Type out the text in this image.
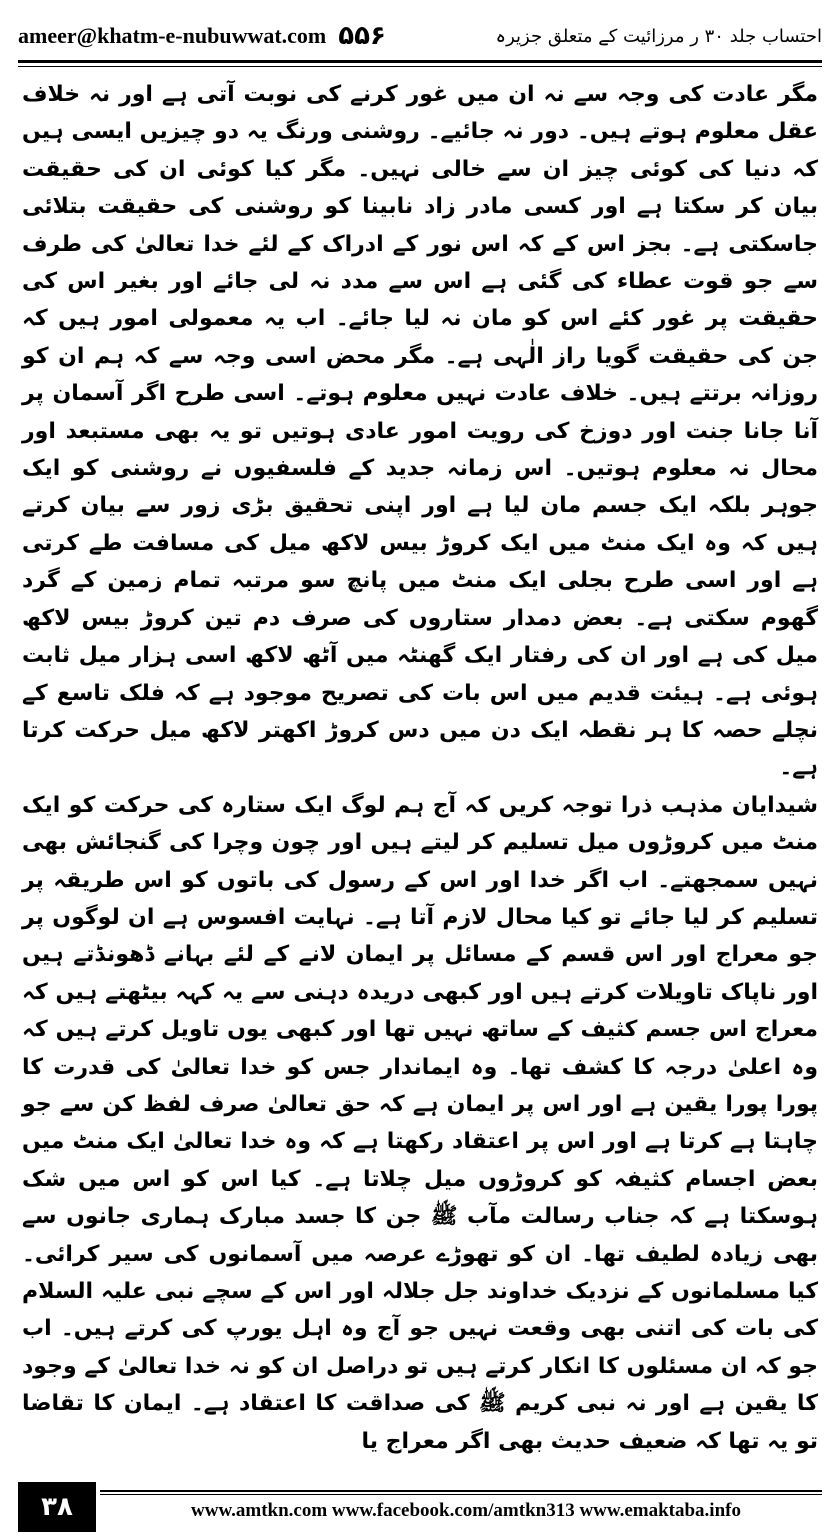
ameer@khatm-e-nubuwwat.com ۵۵۶	احتساب جلد ۳۰ ر مرزائیت کے متعلق جزیرہ

مگر عادت کی وجہ سے نہ ان میں غور کرنے کی نوبت آتی ہے اور نہ خلاف عقل معلوم ہوتے ہیں۔ دور نہ جائیے۔ روشنی ورنگ یہ دو چیزیں ایسی ہیں کہ دنیا کی کوئی چیز ان سے خالی نہیں۔ مگر کیا کوئی ان کی حقیقت بیان کر سکتا ہے اور کسی مادر زاد نابینا کو روشنی کی حقیقت بتلائی جاسکتی ہے۔ بجز اس کے کہ اس نور کے ادراک کے لئے خدا تعالیٰ کی طرف سے جو قوت عطاء کی گئی ہے اس سے مدد نہ لی جائے اور بغیر اس کی حقیقت پر غور کئے اس کو مان نہ لیا جائے۔ اب یہ معمولی امور ہیں کہ جن کی حقیقت گویا راز الٰہی ہے۔ مگر محض اسی وجہ سے کہ ہم ان کو روزانہ برتتے ہیں۔ خلاف عادت نہیں معلوم ہوتے۔ اسی طرح اگر آسمان پر آنا جانا جنت اور دوزخ کی رویت امور عادی ہوتیں تو یہ بھی مستبعد اور محال نہ معلوم ہوتیں۔ اس زمانہ جدید کے فلسفیوں نے روشنی کو ایک جوہر بلکہ ایک جسم مان لیا ہے اور اپنی تحقیق بڑی زور سے بیان کرتے ہیں کہ وہ ایک منٹ میں ایک کروڑ بیس لاکھ میل کی مسافت طے کرتی ہے اور اسی طرح بجلی ایک منٹ میں پانچ سو مرتبہ تمام زمین کے گرد گھوم سکتی ہے۔ بعض دمدار ستاروں کی صرف دم تین کروڑ بیس لاکھ میل کی ہے اور ان کی رفتار ایک گھنٹہ میں آٹھ لاکھ اسی ہزار میل ثابت ہوئی ہے۔ ہیئت قدیم میں اس بات کی تصریح موجود ہے کہ فلک تاسع کے نچلے حصہ کا ہر نقطہ ایک دن میں دس کروڑ اکھتر لاکھ میل حرکت کرتا ہے۔

شیدایان مذہب ذرا توجہ کریں کہ آج ہم لوگ ایک ستارہ کی حرکت کو ایک منٹ میں کروڑوں میل تسلیم کر لیتے ہیں اور چون وچرا کی گنجائش بھی نہیں سمجھتے۔ اب اگر خدا اور اس کے رسول کی باتوں کو اس طریقہ پر تسلیم کر لیا جائے تو کیا محال لازم آتا ہے۔ نہایت افسوس ہے ان لوگوں پر جو معراج اور اس قسم کے مسائل پر ایمان لانے کے لئے بہانے ڈھونڈتے ہیں اور ناپاک تاویلات کرتے ہیں اور کبھی دریدہ دہنی سے یہ کہہ بیٹھتے ہیں کہ معراج اس جسم کثیف کے ساتھ نہیں تھا اور کبھی یوں تاویل کرتے ہیں کہ وہ اعلیٰ درجہ کا کشف تھا۔ وہ ایماندار جس کو خدا تعالیٰ کی قدرت کا پورا پورا یقین ہے اور اس پر ایمان ہے کہ حق تعالیٰ صرف لفظ کن سے جو چاہتا ہے کرتا ہے اور اس پر اعتقاد رکھتا ہے کہ وہ خدا تعالیٰ ایک منٹ میں بعض اجسام کثیفہ کو کروڑوں میل چلاتا ہے۔ کیا اس کو اس میں شک ہوسکتا ہے کہ جناب رسالت مآب ﷺ جن کا جسد مبارک ہماری جانوں سے بھی زیادہ لطیف تھا۔ ان کو تھوڑے عرصہ میں آسمانوں کی سیر کرائی۔ کیا مسلمانوں کے نزدیک خداوند جل جلالہ اور اس کے سچے نبی علیہ السلام کی بات کی اتنی بھی وقعت نہیں جو آج وہ اہل یورپ کی کرتے ہیں۔ اب جو کہ ان مسئلوں کا انکار کرتے ہیں تو دراصل ان کو نہ خدا تعالیٰ کے وجود کا یقین ہے اور نہ نبی کریم ﷺ کی صداقت کا اعتقاد ہے۔ ایمان کا تقاضا تو یہ تھا کہ ضعیف حدیث بھی اگر معراج یا

۳۸	www.amtkn.com www.facebook.com/amtkn313 www.emaktaba.info
